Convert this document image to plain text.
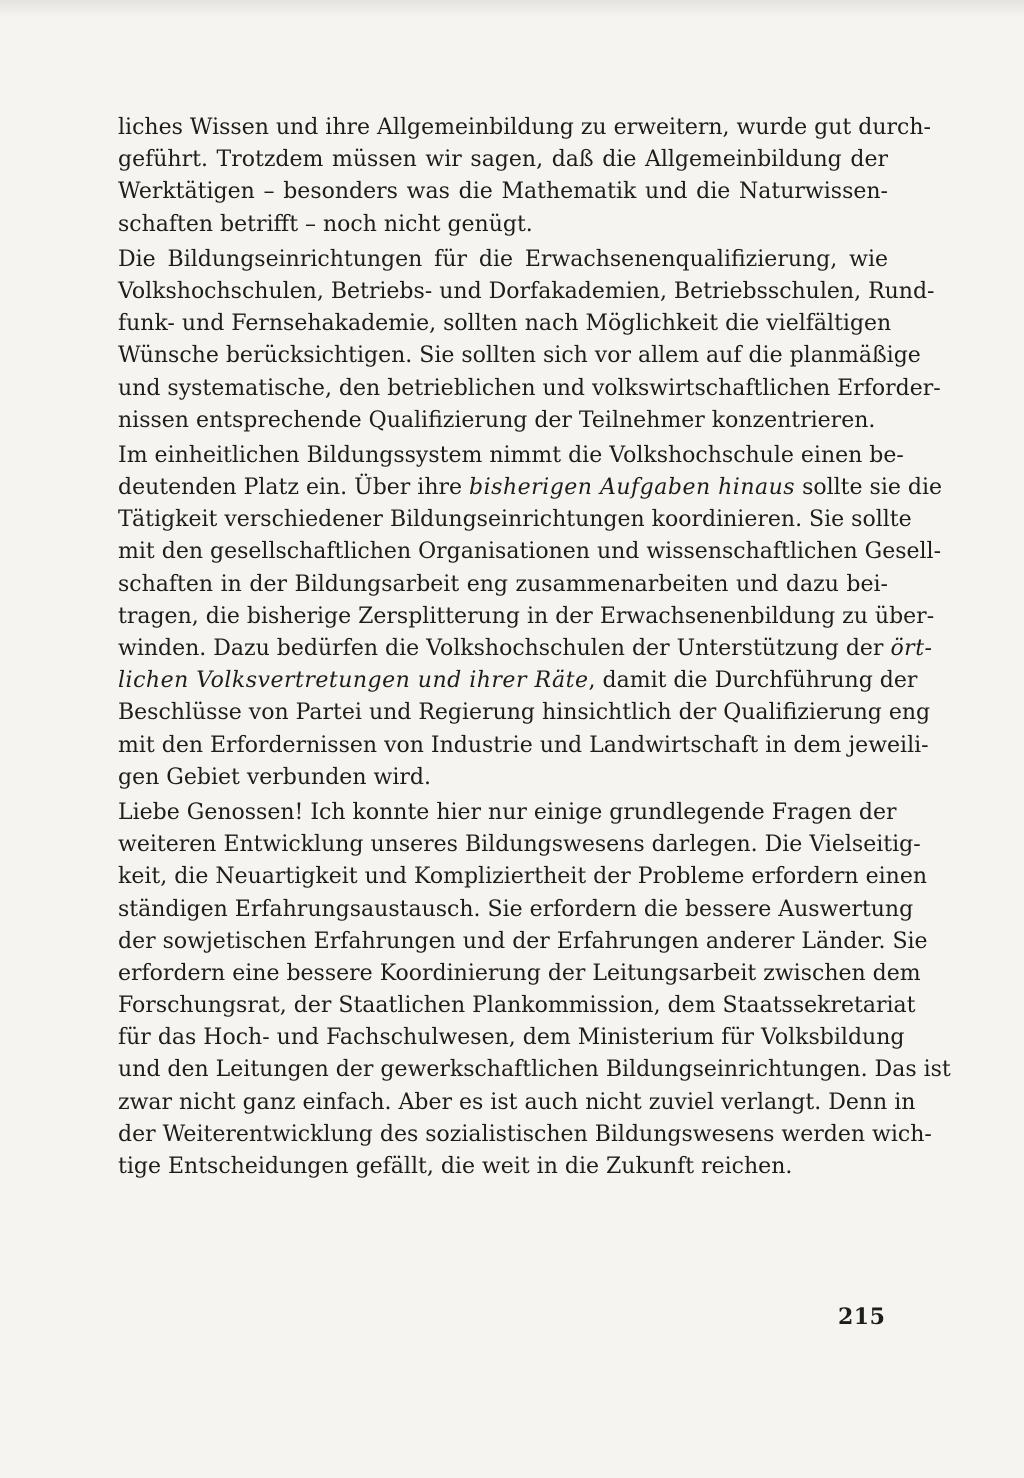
liches Wissen und ihre Allgemeinbildung zu erweitern, wurde gut durch-
geführt. Trotzdem müssen wir sagen, daß die Allgemeinbildung der
Werktätigen – besonders was die Mathematik und die Naturwissen-
schaften betrifft – noch nicht genügt.
Die Bildungseinrichtungen für die Erwachsenenqualifizierung, wie
Volkshochschulen, Betriebs- und Dorfakademien, Betriebsschulen, Rund-
funk- und Fernsehakademie, sollten nach Möglichkeit die vielfältigen
Wünsche berücksichtigen. Sie sollten sich vor allem auf die planmäßige
und systematische, den betrieblichen und volkswirtschaftlichen Erforder-
nissen entsprechende Qualifizierung der Teilnehmer konzentrieren.
Im einheitlichen Bildungssystem nimmt die Volkshochschule einen be-
deutenden Platz ein. Über ihre bisherigen Aufgaben hinaus sollte sie die
Tätigkeit verschiedener Bildungseinrichtungen koordinieren. Sie sollte
mit den gesellschaftlichen Organisationen und wissenschaftlichen Gesell-
schaften in der Bildungsarbeit eng zusammenarbeiten und dazu bei-
tragen, die bisherige Zersplitterung in der Erwachsenenbildung zu über-
winden. Dazu bedürfen die Volkshochschulen der Unterstützung der ört-
lichen Volksvertretungen und ihrer Räte, damit die Durchführung der
Beschlüsse von Partei und Regierung hinsichtlich der Qualifizierung eng
mit den Erfordernissen von Industrie und Landwirtschaft in dem jeweili-
gen Gebiet verbunden wird.
Liebe Genossen! Ich konnte hier nur einige grundlegende Fragen der
weiteren Entwicklung unseres Bildungswesens darlegen. Die Vielseitig-
keit, die Neuartigkeit und Kompliziertheit der Probleme erfordern einen
ständigen Erfahrungsaustausch. Sie erfordern die bessere Auswertung
der sowjetischen Erfahrungen und der Erfahrungen anderer Länder. Sie
erfordern eine bessere Koordinierung der Leitungsarbeit zwischen dem
Forschungsrat, der Staatlichen Plankommission, dem Staatssekretariat
für das Hoch- und Fachschulwesen, dem Ministerium für Volksbildung
und den Leitungen der gewerkschaftlichen Bildungseinrichtungen. Das ist
zwar nicht ganz einfach. Aber es ist auch nicht zuviel verlangt. Denn in
der Weiterentwicklung des sozialistischen Bildungswesens werden wich-
tige Entscheidungen gefällt, die weit in die Zukunft reichen.
215
